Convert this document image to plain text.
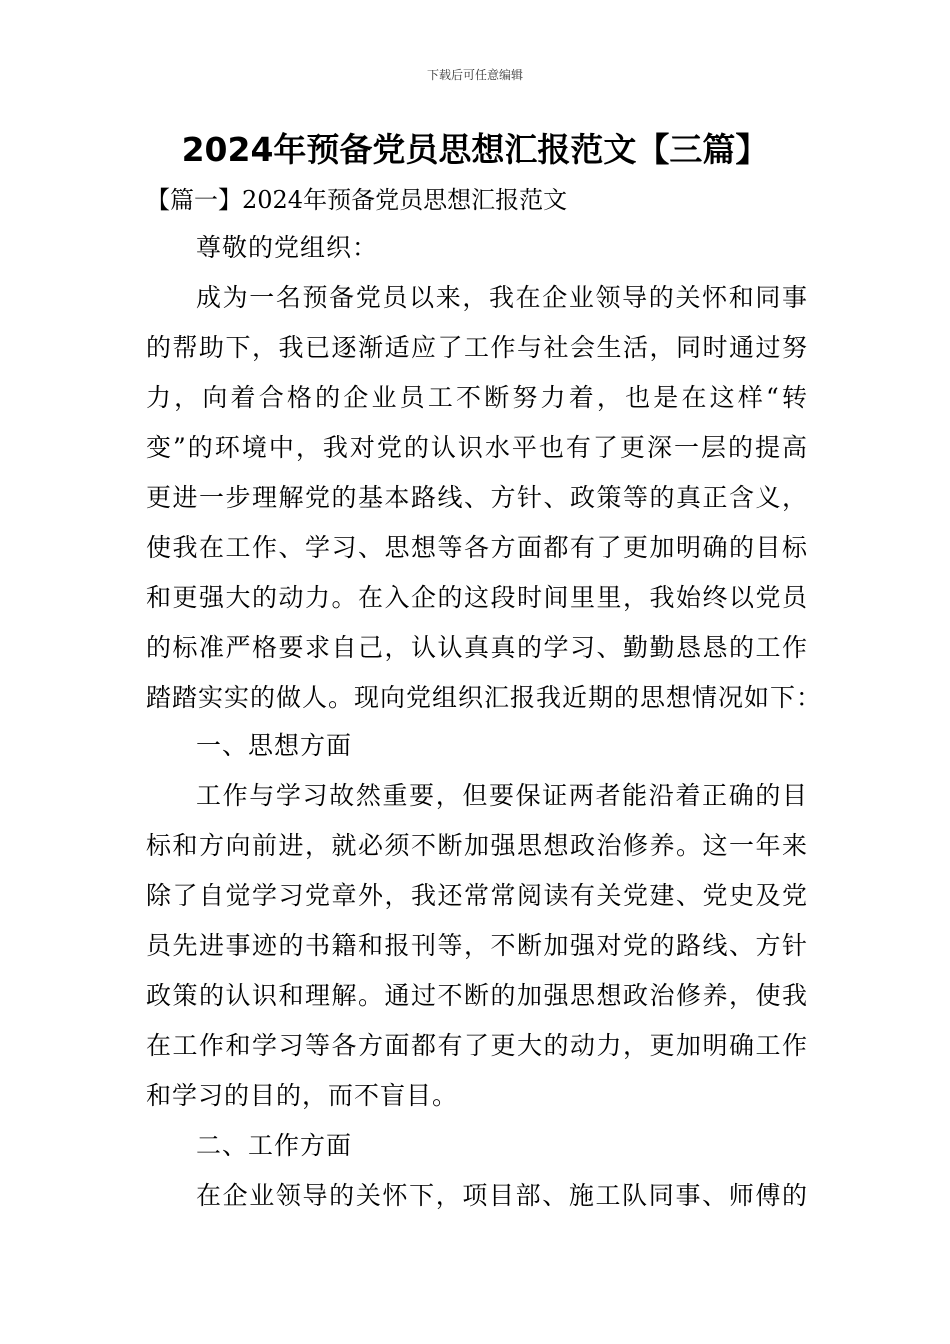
下载后可任意编辑
2024年预备党员思想汇报范文【三篇】
【篇一】2024年预备党员思想汇报范文
尊敬的党组织：
成为一名预备党员以来，我在企业领导的关怀和同事
的帮助下，我已逐渐适应了工作与社会生活，同时通过努
力，向着合格的企业员工不断努力着，也是在这样“转
变”的环境中，我对党的认识水平也有了更深一层的提高
更进一步理解党的基本路线、方针、政策等的真正含义，
使我在工作、学习、思想等各方面都有了更加明确的目标
和更强大的动力。在入企的这段时间里里，我始终以党员
的标准严格要求自己，认认真真的学习、勤勤恳恳的工作
踏踏实实的做人。现向党组织汇报我近期的思想情况如下：
一、思想方面
工作与学习故然重要，但要保证两者能沿着正确的目
标和方向前进，就必须不断加强思想政治修养。这一年来
除了自觉学习党章外，我还常常阅读有关党建、党史及党
员先进事迹的书籍和报刊等，不断加强对党的路线、方针
政策的认识和理解。通过不断的加强思想政治修养，使我
在工作和学习等各方面都有了更大的动力，更加明确工作
和学习的目的，而不盲目。
二、工作方面
在企业领导的关怀下，项目部、施工队同事、师傅的
